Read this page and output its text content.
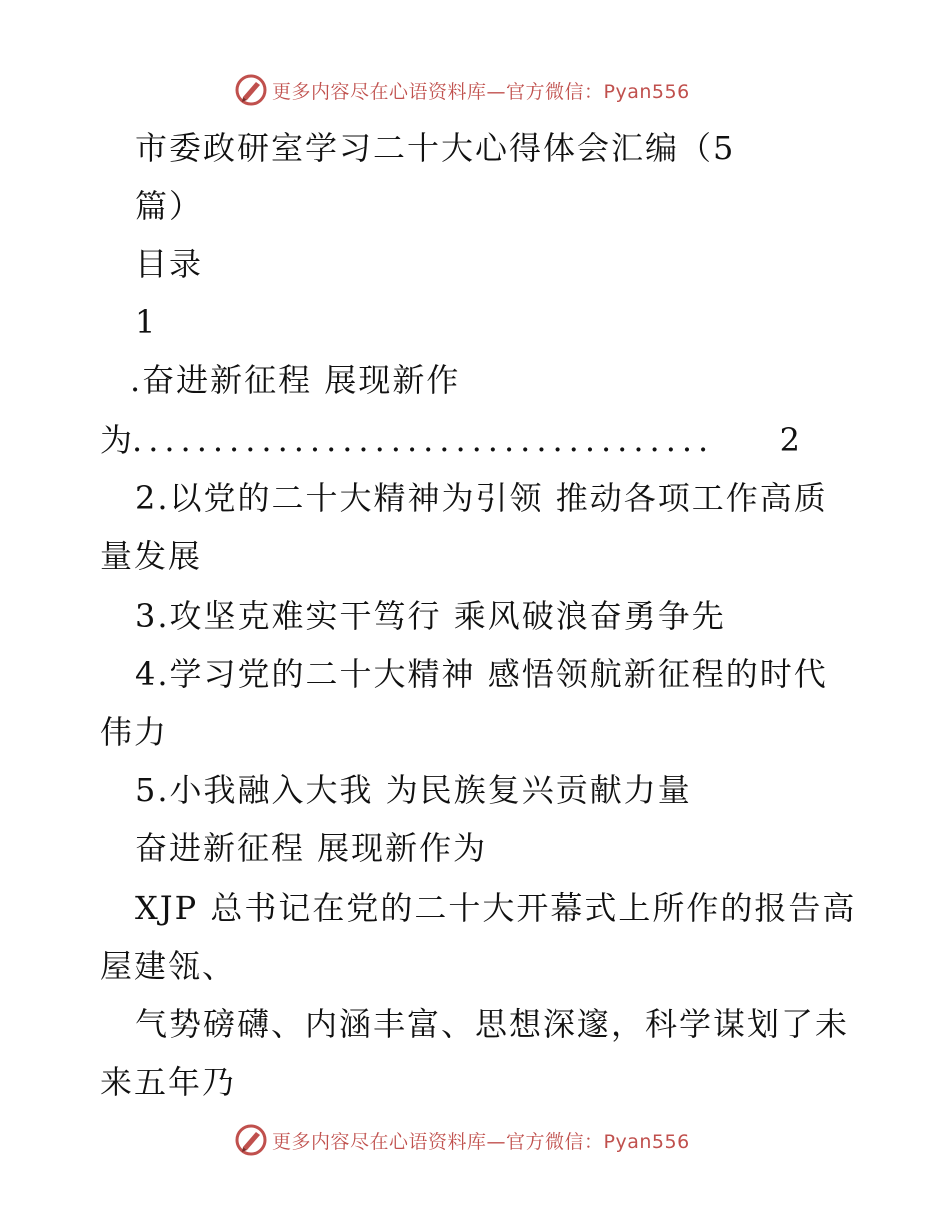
更多内容尽在心语资料库—官方微信：Pyan556
市委政研室学习二十大心得体会汇编（5
篇）
目录
1
.奋进新征程 展现新作
为 ....................................	2
2.以党的二十大精神为引领 推动各项工作高质
量发展
3.攻坚克难实干笃行 乘风破浪奋勇争先
4.学习党的二十大精神 感悟领航新征程的时代
伟力
5.小我融入大我 为民族复兴贡献力量
奋进新征程 展现新作为
XJP 总书记在党的二十大开幕式上所作的报告高
屋建瓴、
气势磅礴、内涵丰富、思想深邃，科学谋划了未
来五年乃
更多内容尽在心语资料库—官方微信：Pyan556
